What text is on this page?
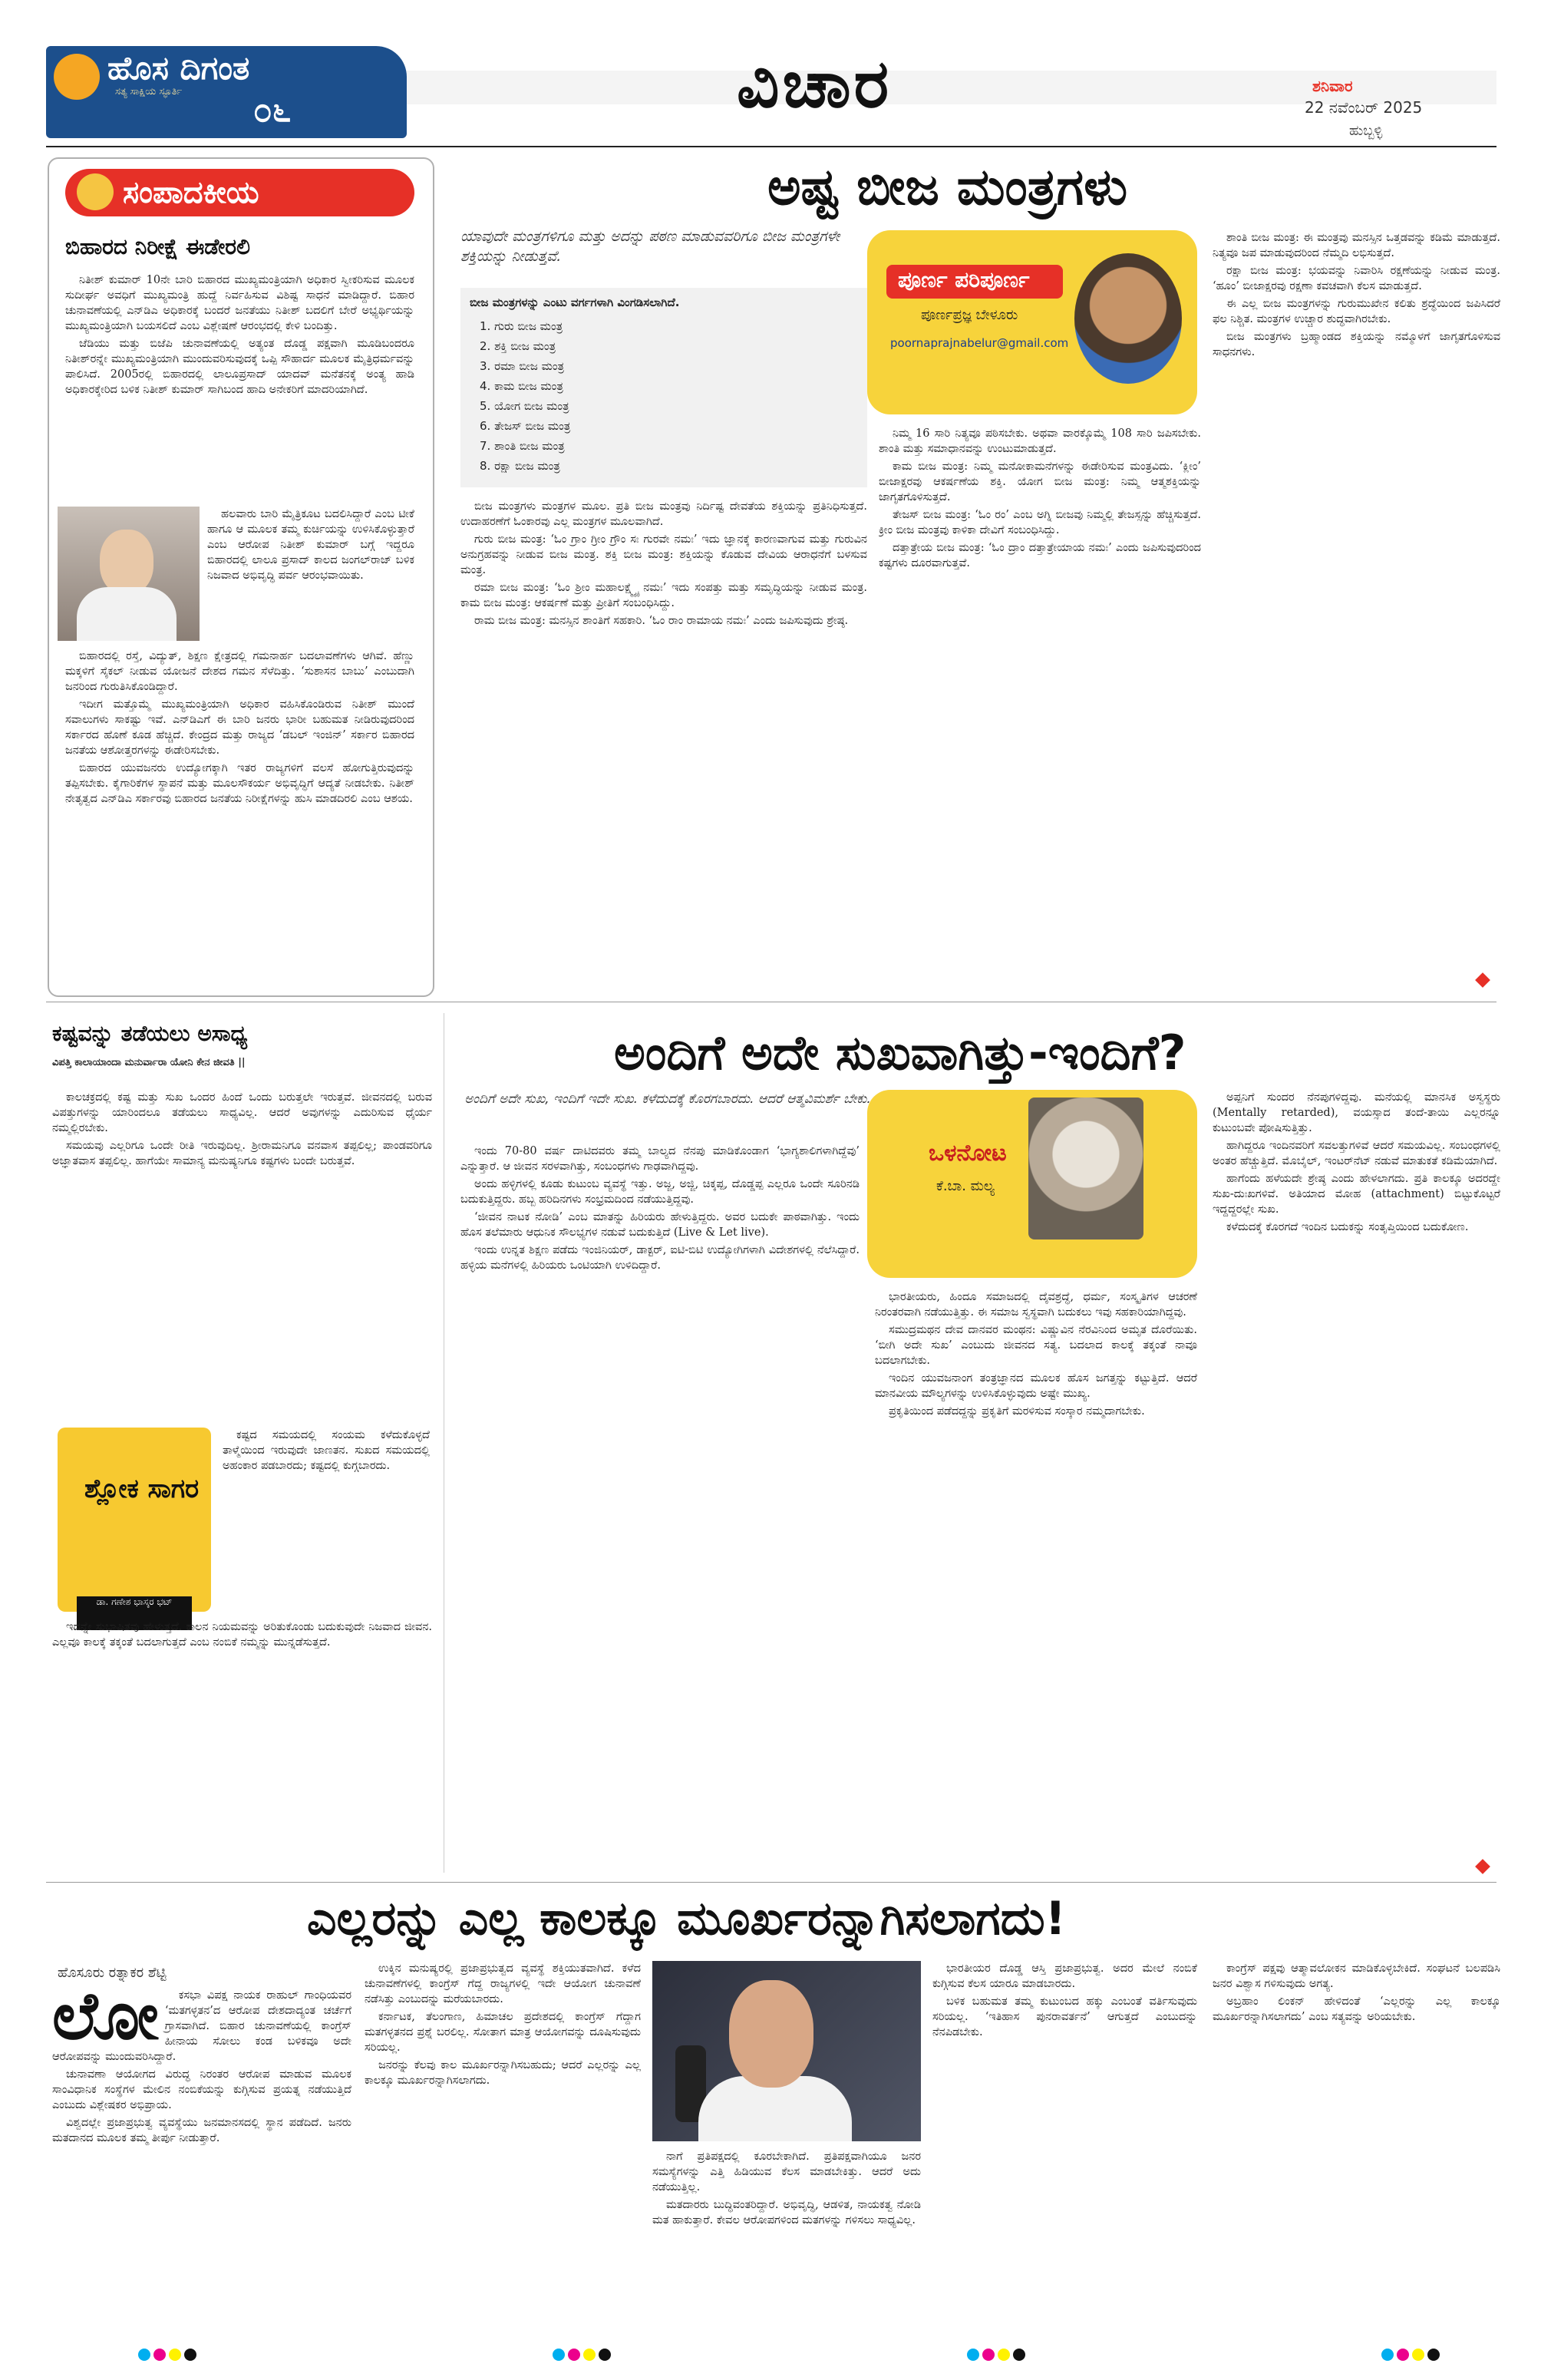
ಹೊಸ ದಿಗಂತ
ಸತ್ಯ ಸಾಕ್ಷಿಯ ಸ್ಫೂರ್ತಿ ೦೬	ವಿಚಾರ	ಶನಿವಾರ
22 ನವೆಂಬರ್ 2025
ಹುಬ್ಬಳ್ಳಿ
ಸಂಪಾದಕೀಯ
ಬಿಹಾರದ ನಿರೀಕ್ಷೆ ಈಡೇರಲಿ

ನಿತೀಶ್ ಕುಮಾರ್ 10ನೇ ಬಾರಿ ಬಿಹಾರದ ಮುಖ್ಯಮಂತ್ರಿಯಾಗಿ ಅಧಿಕಾರ ಸ್ವೀಕರಿಸುವ ಮೂಲಕ ಸುದೀರ್ಘ ಅವಧಿಗೆ ಮುಖ್ಯಮಂತ್ರಿ ಹುದ್ದೆ ನಿರ್ವಹಿಸುವ ವಿಶಿಷ್ಟ ಸಾಧನೆ ಮಾಡಿದ್ದಾರೆ. ಬಿಹಾರ ಚುನಾವಣೆಯಲ್ಲಿ ಎನ್‌ಡಿಎ ಅಧಿಕಾರಕ್ಕೆ ಬಂದರೆ ಜನತೆಯು ನಿತೀಶ್ ಬದಲಿಗೆ ಬೇರೆ ಅಭ್ಯರ್ಥಿಯನ್ನು ಮುಖ್ಯಮಂತ್ರಿಯಾಗಿ ಬಯಸಲಿದೆ ಎಂಬ ವಿಶ್ಲೇಷಣೆ ಆರಂಭದಲ್ಲಿ ಕೇಳಿ ಬಂದಿತ್ತು.

ಜೆಡಿಯು ಮತ್ತು ಬಿಜೆಪಿ ಚುನಾವಣೆಯಲ್ಲಿ ಅತ್ಯಂತ ದೊಡ್ಡ ಪಕ್ಷವಾಗಿ ಮೂಡಿಬಂದರೂ ನಿತೀಶ್‌ರನ್ನೇ ಮುಖ್ಯಮಂತ್ರಿಯಾಗಿ ಮುಂದುವರಿಸುವುದಕ್ಕೆ ಒಪ್ಪಿ ಸೌಹಾರ್ದ ಮೂಲಕ ಮೈತ್ರಿಧರ್ಮವನ್ನು ಪಾಲಿಸಿದೆ. 2005ರಲ್ಲಿ ಬಿಹಾರದಲ್ಲಿ ಲಾಲೂಪ್ರಸಾದ್ ಯಾದವ್ ಮನೆತನಕ್ಕೆ ಅಂತ್ಯ ಹಾಡಿ ಅಧಿಕಾರಕ್ಕೇರಿದ ಬಳಿಕ ನಿತೀಶ್ ಕುಮಾರ್ ಸಾಗಿಬಂದ ಹಾದಿ ಅನೇಕರಿಗೆ ಮಾದರಿಯಾಗಿದೆ.

ಹಲವಾರು ಬಾರಿ ಮೈತ್ರಿಕೂಟ ಬದಲಿಸಿದ್ದಾರೆ ಎಂಬ ಟೀಕೆ ಹಾಗೂ ಆ ಮೂಲಕ ತಮ್ಮ ಕುರ್ಚಿಯನ್ನು ಉಳಿಸಿಕೊಳ್ಳುತ್ತಾರೆ ಎಂಬ ಆರೋಪ ನಿತೀಶ್ ಕುಮಾರ್ ಬಗ್ಗೆ ಇದ್ದರೂ ಬಿಹಾರದಲ್ಲಿ ಲಾಲೂ ಪ್ರಸಾದ್ ಕಾಲದ ಜಂಗಲ್‌ರಾಜ್ ಬಳಿಕ ನಿಜವಾದ ಅಭಿವೃದ್ಧಿ ಪರ್ವ ಆರಂಭವಾಯಿತು.

ಬಿಹಾರದಲ್ಲಿ ರಸ್ತೆ, ವಿದ್ಯುತ್, ಶಿಕ್ಷಣ ಕ್ಷೇತ್ರದಲ್ಲಿ ಗಮನಾರ್ಹ ಬದಲಾವಣೆಗಳು ಆಗಿವೆ. ಹೆಣ್ಣು ಮಕ್ಕಳಿಗೆ ಸೈಕಲ್ ನೀಡುವ ಯೋಜನೆ ದೇಶದ ಗಮನ ಸೆಳೆದಿತ್ತು. ‘ಸುಶಾಸನ ಬಾಬು’ ಎಂಬುದಾಗಿ ಜನರಿಂದ ಗುರುತಿಸಿಕೊಂಡಿದ್ದಾರೆ.

ಇದೀಗ ಮತ್ತೊಮ್ಮೆ ಮುಖ್ಯಮಂತ್ರಿಯಾಗಿ ಅಧಿಕಾರ ವಹಿಸಿಕೊಂಡಿರುವ ನಿತೀಶ್ ಮುಂದೆ ಸವಾಲುಗಳು ಸಾಕಷ್ಟು ಇವೆ. ಎನ್‌ಡಿಎಗೆ ಈ ಬಾರಿ ಜನರು ಭಾರೀ ಬಹುಮತ ನೀಡಿರುವುದರಿಂದ ಸರ್ಕಾರದ ಹೊಣೆ ಕೂಡ ಹೆಚ್ಚಿದೆ. ಕೇಂದ್ರದ ಮತ್ತು ರಾಜ್ಯದ ‘ಡಬಲ್ ಇಂಜಿನ್’ ಸರ್ಕಾರ ಬಿಹಾರದ ಜನತೆಯ ಆಶೋತ್ತರಗಳನ್ನು ಈಡೇರಿಸಬೇಕು.

ಬಿಹಾರದ ಯುವಜನರು ಉದ್ಯೋಗಕ್ಕಾಗಿ ಇತರ ರಾಜ್ಯಗಳಿಗೆ ವಲಸೆ ಹೋಗುತ್ತಿರುವುದನ್ನು ತಪ್ಪಿಸಬೇಕು. ಕೈಗಾರಿಕೆಗಳ ಸ್ಥಾಪನೆ ಮತ್ತು ಮೂಲಸೌಕರ್ಯ ಅಭಿವೃದ್ಧಿಗೆ ಆದ್ಯತೆ ನೀಡಬೇಕು. ನಿತೀಶ್ ನೇತೃತ್ವದ ಎನ್‌ಡಿಎ ಸರ್ಕಾರವು ಬಿಹಾರದ ಜನತೆಯ ನಿರೀಕ್ಷೆಗಳನ್ನು ಹುಸಿ ಮಾಡದಿರಲಿ ಎಂಬ ಆಶಯ.

ಅಷ್ಟ ಬೀಜ ಮಂತ್ರಗಳು
ಯಾವುದೇ ಮಂತ್ರಗಳಿಗೂ ಮತ್ತು ಅದನ್ನು ಪಠಣ ಮಾಡುವವರಿಗೂ ಬೀಜ ಮಂತ್ರಗಳೇ ಶಕ್ತಿಯನ್ನು ನೀಡುತ್ತವೆ.
ಪೂರ್ಣ ಪರಿಪೂರ್ಣ
ಪೂರ್ಣಪ್ರಜ್ಞ ಬೇಳೂರು
poornaprajnabelur@gmail.com
ಬೀಜ ಮಂತ್ರಗಳನ್ನು ಎಂಟು ವರ್ಗಗಳಾಗಿ ವಿಂಗಡಿಸಲಾಗಿದೆ.
1. ಗುರು ಬೀಜ ಮಂತ್ರ
2. ಶಕ್ತಿ ಬೀಜ ಮಂತ್ರ
3. ರಮಾ ಬೀಜ ಮಂತ್ರ
4. ಕಾಮ ಬೀಜ ಮಂತ್ರ
5. ಯೋಗ ಬೀಜ ಮಂತ್ರ
6. ತೇಜಸ್ ಬೀಜ ಮಂತ್ರ
7. ಶಾಂತಿ ಬೀಜ ಮಂತ್ರ
8. ರಕ್ಷಾ ಬೀಜ ಮಂತ್ರ

ಬೀಜ ಮಂತ್ರಗಳು ಮಂತ್ರಗಳ ಮೂಲ. ಪ್ರತಿ ಬೀಜ ಮಂತ್ರವು ನಿರ್ದಿಷ್ಟ ದೇವತೆಯ ಶಕ್ತಿಯನ್ನು ಪ್ರತಿನಿಧಿಸುತ್ತದೆ. ಉದಾಹರಣೆಗೆ ಓಂಕಾರವು ಎಲ್ಲ ಮಂತ್ರಗಳ ಮೂಲವಾಗಿದೆ.

ಗುರು ಬೀಜ ಮಂತ್ರ: ‘ಓಂ ಗ್ರಾಂ ಗ್ರೀಂ ಗ್ರೌಂ ಸಃ ಗುರವೇ ನಮಃ’ ಇದು ಜ್ಞಾನಕ್ಕೆ ಕಾರಣವಾಗುವ ಮತ್ತು ಗುರುವಿನ ಅನುಗ್ರಹವನ್ನು ನೀಡುವ ಬೀಜ ಮಂತ್ರ. ಶಕ್ತಿ ಬೀಜ ಮಂತ್ರ: ಶಕ್ತಿಯನ್ನು ಕೊಡುವ ದೇವಿಯ ಆರಾಧನೆಗೆ ಬಳಸುವ ಮಂತ್ರ.

ರಮಾ ಬೀಜ ಮಂತ್ರ: ‘ಓಂ ಶ್ರೀಂ ಮಹಾಲಕ್ಷ್ಮ್ಯೈ ನಮಃ’ ಇದು ಸಂಪತ್ತು ಮತ್ತು ಸಮೃದ್ಧಿಯನ್ನು ನೀಡುವ ಮಂತ್ರ. ಕಾಮ ಬೀಜ ಮಂತ್ರ: ಆಕರ್ಷಣೆ ಮತ್ತು ಪ್ರೀತಿಗೆ ಸಂಬಂಧಿಸಿದ್ದು.

ರಾಮ ಬೀಜ ಮಂತ್ರ: ಮನಸ್ಸಿನ ಶಾಂತಿಗೆ ಸಹಕಾರಿ. ‘ಓಂ ರಾಂ ರಾಮಾಯ ನಮಃ’ ಎಂದು ಜಪಿಸುವುದು ಶ್ರೇಷ್ಠ.

ನಿಮ್ಮ 16 ಸಾರಿ ನಿತ್ಯವೂ ಪಠಿಸಬೇಕು. ಅಥವಾ ವಾರಕ್ಕೊಮ್ಮೆ 108 ಸಾರಿ ಜಪಿಸಬೇಕು. ಶಾಂತಿ ಮತ್ತು ಸಮಾಧಾನವನ್ನು ಉಂಟುಮಾಡುತ್ತದೆ.

ಕಾಮ ಬೀಜ ಮಂತ್ರ: ನಿಮ್ಮ ಮನೋಕಾಮನೆಗಳನ್ನು ಈಡೇರಿಸುವ ಮಂತ್ರವಿದು. ‘ಕ್ಲೀಂ’ ಬೀಜಾಕ್ಷರವು ಆಕರ್ಷಣೆಯ ಶಕ್ತಿ. ಯೋಗ ಬೀಜ ಮಂತ್ರ: ನಿಮ್ಮ ಆತ್ಮಶಕ್ತಿಯನ್ನು ಜಾಗೃತಗೊಳಿಸುತ್ತದೆ.

ತೇಜಸ್ ಬೀಜ ಮಂತ್ರ: ‘ಓಂ ರಂ’ ಎಂಬ ಅಗ್ನಿ ಬೀಜವು ನಿಮ್ಮಲ್ಲಿ ತೇಜಸ್ಸನ್ನು ಹೆಚ್ಚಿಸುತ್ತದೆ. ಕ್ರೀಂ ಬೀಜ ಮಂತ್ರವು ಕಾಳಿಕಾ ದೇವಿಗೆ ಸಂಬಂಧಿಸಿದ್ದು.

ದತ್ತಾತ್ರೇಯ ಬೀಜ ಮಂತ್ರ: ‘ಓಂ ದ್ರಾಂ ದತ್ತಾತ್ರೇಯಾಯ ನಮಃ’ ಎಂದು ಜಪಿಸುವುದರಿಂದ ಕಷ್ಟಗಳು ದೂರವಾಗುತ್ತವೆ.

ಶಾಂತಿ ಬೀಜ ಮಂತ್ರ: ಈ ಮಂತ್ರವು ಮನಸ್ಸಿನ ಒತ್ತಡವನ್ನು ಕಡಿಮೆ ಮಾಡುತ್ತದೆ. ನಿತ್ಯವೂ ಜಪ ಮಾಡುವುದರಿಂದ ನೆಮ್ಮದಿ ಲಭಿಸುತ್ತದೆ.

ರಕ್ಷಾ ಬೀಜ ಮಂತ್ರ: ಭಯವನ್ನು ನಿವಾರಿಸಿ ರಕ್ಷಣೆಯನ್ನು ನೀಡುವ ಮಂತ್ರ. ‘ಹೂಂ’ ಬೀಜಾಕ್ಷರವು ರಕ್ಷಣಾ ಕವಚವಾಗಿ ಕೆಲಸ ಮಾಡುತ್ತದೆ.

ಈ ಎಲ್ಲ ಬೀಜ ಮಂತ್ರಗಳನ್ನು ಗುರುಮುಖೇನ ಕಲಿತು ಶ್ರದ್ಧೆಯಿಂದ ಜಪಿಸಿದರೆ ಫಲ ನಿಶ್ಚಿತ. ಮಂತ್ರಗಳ ಉಚ್ಚಾರ ಶುದ್ಧವಾಗಿರಬೇಕು.

ಬೀಜ ಮಂತ್ರಗಳು ಬ್ರಹ್ಮಾಂಡದ ಶಕ್ತಿಯನ್ನು ನಮ್ಮೊಳಗೆ ಜಾಗೃತಗೊಳಿಸುವ ಸಾಧನಗಳು.

ಕಷ್ಟವನ್ನು ತಡೆಯಲು ಅಸಾಧ್ಯ
ವಿಪತ್ತಿ ಕಾಲಾಯಾಂದಾ ಮನುರ್ವಾರಾ ಯೋನಿ ಕೇನ ಜೀವತಿ ||

ಕಾಲಚಕ್ರದಲ್ಲಿ ಕಷ್ಟ ಮತ್ತು ಸುಖ ಒಂದರ ಹಿಂದೆ ಒಂದು ಬರುತ್ತಲೇ ಇರುತ್ತವೆ. ಜೀವನದಲ್ಲಿ ಬರುವ ವಿಪತ್ತುಗಳನ್ನು ಯಾರಿಂದಲೂ ತಡೆಯಲು ಸಾಧ್ಯವಿಲ್ಲ. ಆದರೆ ಅವುಗಳನ್ನು ಎದುರಿಸುವ ಧೈರ್ಯ ನಮ್ಮಲ್ಲಿರಬೇಕು.

ಸಮಯವು ಎಲ್ಲರಿಗೂ ಒಂದೇ ರೀತಿ ಇರುವುದಿಲ್ಲ. ಶ್ರೀರಾಮನಿಗೂ ವನವಾಸ ತಪ್ಪಲಿಲ್ಲ; ಪಾಂಡವರಿಗೂ ಅಜ್ಞಾತವಾಸ ತಪ್ಪಲಿಲ್ಲ. ಹಾಗೆಯೇ ಸಾಮಾನ್ಯ ಮನುಷ್ಯನಿಗೂ ಕಷ್ಟಗಳು ಬಂದೇ ಬರುತ್ತವೆ.

ಶ್ಲೋಕ ಸಾಗರ
ಡಾ. ಗಣೇಶ ಭಾಸ್ಕರ ಭಟ್

ಕಷ್ಟದ ಸಮಯದಲ್ಲಿ ಸಂಯಮ ಕಳೆದುಕೊಳ್ಳದೆ ತಾಳ್ಮೆಯಿಂದ ಇರುವುದೇ ಜಾಣತನ. ಸುಖದ ಸಮಯದಲ್ಲಿ ಅಹಂಕಾರ ಪಡಬಾರದು; ಕಷ್ಟದಲ್ಲಿ ಕುಗ್ಗಬಾರದು.

ಇದನ್ನೇ ಸುಭಾಷಿತವು ಹೇಳುತ್ತದೆ. ಕಾಲನ ನಿಯಮವನ್ನು ಅರಿತುಕೊಂಡು ಬದುಕುವುದೇ ನಿಜವಾದ ಜೀವನ. ಎಲ್ಲವೂ ಕಾಲಕ್ಕೆ ತಕ್ಕಂತೆ ಬದಲಾಗುತ್ತದೆ ಎಂಬ ನಂಬಿಕೆ ನಮ್ಮನ್ನು ಮುನ್ನಡೆಸುತ್ತದೆ.

ಅಂದಿಗೆ ಅದೇ ಸುಖವಾಗಿತ್ತು-ಇಂದಿಗೆ?
ಅಂದಿಗೆ ಅದೇ ಸುಖ, ಇಂದಿಗೆ ಇದೇ ಸುಖ. ಕಳೆದುದಕ್ಕೆ ಕೊರಗಬಾರದು. ಆದರೆ ಆತ್ಮವಿಮರ್ಶೆ ಬೇಕು.
ಒಳನೋಟ
ಕೆ.ಬಾ. ಮಲ್ಯ

ಇಂದು 70-80 ವರ್ಷ ದಾಟಿದವರು ತಮ್ಮ ಬಾಲ್ಯದ ನೆನಪು ಮಾಡಿಕೊಂಡಾಗ ‘ಭಾಗ್ಯಶಾಲಿಗಳಾಗಿದ್ದೆವು’ ಎನ್ನುತ್ತಾರೆ. ಆ ಜೀವನ ಸರಳವಾಗಿತ್ತು, ಸಂಬಂಧಗಳು ಗಾಢವಾಗಿದ್ದವು.

ಅಂದು ಹಳ್ಳಿಗಳಲ್ಲಿ ಕೂಡು ಕುಟುಂಬ ವ್ಯವಸ್ಥೆ ಇತ್ತು. ಅಜ್ಜ, ಅಜ್ಜಿ, ಚಿಕ್ಕಪ್ಪ, ದೊಡ್ಡಪ್ಪ ಎಲ್ಲರೂ ಒಂದೇ ಸೂರಿನಡಿ ಬದುಕುತ್ತಿದ್ದರು. ಹಬ್ಬ ಹರಿದಿನಗಳು ಸಂಭ್ರಮದಿಂದ ನಡೆಯುತ್ತಿದ್ದವು.

‘ಜೀವನ ನಾಟಕ ನೋಡಿ’ ಎಂಬ ಮಾತನ್ನು ಹಿರಿಯರು ಹೇಳುತ್ತಿದ್ದರು. ಅವರ ಬದುಕೇ ಪಾಠವಾಗಿತ್ತು. ಇಂದು ಹೊಸ ತಲೆಮಾರು ಆಧುನಿಕ ಸೌಲಭ್ಯಗಳ ನಡುವೆ ಬದುಕುತ್ತಿದೆ (Live & Let live).

ಇಂದು ಉನ್ನತ ಶಿಕ್ಷಣ ಪಡೆದು ಇಂಜಿನಿಯರ್, ಡಾಕ್ಟರ್, ಐಟಿ-ಬಿಟಿ ಉದ್ಯೋಗಿಗಳಾಗಿ ವಿದೇಶಗಳಲ್ಲಿ ನೆಲೆಸಿದ್ದಾರೆ. ಹಳ್ಳಿಯ ಮನೆಗಳಲ್ಲಿ ಹಿರಿಯರು ಒಂಟಿಯಾಗಿ ಉಳಿದಿದ್ದಾರೆ.

ಭಾರತೀಯರು, ಹಿಂದೂ ಸಮಾಜದಲ್ಲಿ ದೈವಶ್ರದ್ಧೆ, ಧರ್ಮ, ಸಂಸ್ಕೃತಿಗಳ ಆಚರಣೆ ನಿರಂತರವಾಗಿ ನಡೆಯುತ್ತಿತ್ತು. ಈ ಸಮಾಜ ಸ್ವಸ್ಥವಾಗಿ ಬದುಕಲು ಇವು ಸಹಕಾರಿಯಾಗಿದ್ದವು.

ಸಮುದ್ರಮಥನ ದೇವ ದಾನವರ ಮಂಥನ: ವಿಷ್ಣುವಿನ ನೆರವಿನಿಂದ ಅಮೃತ ದೊರೆಯಿತು. ‘ಬೀಗಿ ಅದೇ ಸುಖ’ ಎಂಬುದು ಜೀವನದ ಸತ್ಯ. ಬದಲಾದ ಕಾಲಕ್ಕೆ ತಕ್ಕಂತೆ ನಾವೂ ಬದಲಾಗಬೇಕು.

ಇಂದಿನ ಯುವಜನಾಂಗ ತಂತ್ರಜ್ಞಾನದ ಮೂಲಕ ಹೊಸ ಜಗತ್ತನ್ನು ಕಟ್ಟುತ್ತಿದೆ. ಆದರೆ ಮಾನವೀಯ ಮೌಲ್ಯಗಳನ್ನು ಉಳಿಸಿಕೊಳ್ಳುವುದು ಅಷ್ಟೇ ಮುಖ್ಯ.

ಪ್ರಕೃತಿಯಿಂದ ಪಡೆದದ್ದನ್ನು ಪ್ರಕೃತಿಗೆ ಮರಳಿಸುವ ಸಂಸ್ಕಾರ ನಮ್ಮದಾಗಬೇಕು.

ಅಪ್ಪನಿಗೆ ಸುಂದರ ನೆನಪುಗಳಿದ್ದವು. ಮನೆಯಲ್ಲಿ ಮಾನಸಿಕ ಅಸ್ವಸ್ಥರು (Mentally retarded), ವಯಸ್ಸಾದ ತಂದೆ-ತಾಯಿ ಎಲ್ಲರನ್ನೂ ಕುಟುಂಬವೇ ಪೋಷಿಸುತ್ತಿತ್ತು.

ಹಾಗಿದ್ದರೂ ಇಂದಿನವರಿಗೆ ಸವಲತ್ತುಗಳಿವೆ ಆದರೆ ಸಮಯವಿಲ್ಲ. ಸಂಬಂಧಗಳಲ್ಲಿ ಅಂತರ ಹೆಚ್ಚುತ್ತಿದೆ. ಮೊಬೈಲ್, ಇಂಟರ್‌ನೆಟ್ ನಡುವೆ ಮಾತುಕತೆ ಕಡಿಮೆಯಾಗಿದೆ.

ಹಾಗೆಂದು ಹಳೆಯದೇ ಶ್ರೇಷ್ಠ ಎಂದು ಹೇಳಲಾಗದು. ಪ್ರತಿ ಕಾಲಕ್ಕೂ ಅದರದ್ದೇ ಸುಖ-ದುಃಖಗಳಿವೆ. ಅತಿಯಾದ ಮೋಹ (attachment) ಬಿಟ್ಟುಕೊಟ್ಟರೆ ಇದ್ದದ್ದರಲ್ಲೇ ಸುಖ.

ಕಳೆದುದಕ್ಕೆ ಕೊರಗದೆ ಇಂದಿನ ಬದುಕನ್ನು ಸಂತೃಪ್ತಿಯಿಂದ ಬದುಕೋಣ.

ಎಲ್ಲರನ್ನು ಎಲ್ಲ ಕಾಲಕ್ಕೂ ಮೂರ್ಖರನ್ನಾಗಿಸಲಾಗದು!
ಹೊಸೂರು ರತ್ನಾಕರ ಶೆಟ್ಟಿ
ಲೋ	ಕಸಭಾ ವಿಪಕ್ಷ ನಾಯಕ ರಾಹುಲ್ ಗಾಂಧಿಯವರ ‘ಮತಗಳ್ಳತನ’ದ ಆರೋಪ ದೇಶದಾದ್ಯಂತ ಚರ್ಚೆಗೆ ಗ್ರಾಸವಾಗಿದೆ. ಬಿಹಾರ ಚುನಾವಣೆಯಲ್ಲಿ ಕಾಂಗ್ರೆಸ್ ಹೀನಾಯ ಸೋಲು ಕಂಡ ಬಳಿಕವೂ ಅದೇ ಆರೋಪವನ್ನು ಮುಂದುವರಿಸಿದ್ದಾರೆ.

ಚುನಾವಣಾ ಆಯೋಗದ ವಿರುದ್ಧ ನಿರಂತರ ಆರೋಪ ಮಾಡುವ ಮೂಲಕ ಸಾಂವಿಧಾನಿಕ ಸಂಸ್ಥೆಗಳ ಮೇಲಿನ ನಂಬಿಕೆಯನ್ನು ಕುಗ್ಗಿಸುವ ಪ್ರಯತ್ನ ನಡೆಯುತ್ತಿದೆ ಎಂಬುದು ವಿಶ್ಲೇಷಕರ ಅಭಿಪ್ರಾಯ.

ವಿಶ್ವದಲ್ಲೇ ಪ್ರಜಾಪ್ರಭುತ್ವ ವ್ಯವಸ್ಥೆಯು ಜನಮಾನಸದಲ್ಲಿ ಸ್ಥಾನ ಪಡೆದಿದೆ. ಜನರು ಮತದಾನದ ಮೂಲಕ ತಮ್ಮ ತೀರ್ಪು ನೀಡುತ್ತಾರೆ.

ಉಕ್ಕಿನ ಮನುಷ್ಯರಲ್ಲಿ ಪ್ರಜಾಪ್ರಭುತ್ವದ ವ್ಯವಸ್ಥೆ ಶಕ್ತಿಯುತವಾಗಿದೆ. ಕಳೆದ ಚುನಾವಣೆಗಳಲ್ಲಿ ಕಾಂಗ್ರೆಸ್ ಗೆದ್ದ ರಾಜ್ಯಗಳಲ್ಲಿ ಇದೇ ಆಯೋಗ ಚುನಾವಣೆ ನಡೆಸಿತ್ತು ಎಂಬುದನ್ನು ಮರೆಯಬಾರದು.

ಕರ್ನಾಟಕ, ತೆಲಂಗಾಣ, ಹಿಮಾಚಲ ಪ್ರದೇಶದಲ್ಲಿ ಕಾಂಗ್ರೆಸ್ ಗೆದ್ದಾಗ ಮತಗಳ್ಳತನದ ಪ್ರಶ್ನೆ ಬರಲಿಲ್ಲ. ಸೋತಾಗ ಮಾತ್ರ ಆಯೋಗವನ್ನು ದೂಷಿಸುವುದು ಸರಿಯಲ್ಲ.

ಜನರನ್ನು ಕೆಲವು ಕಾಲ ಮೂರ್ಖರನ್ನಾಗಿಸಬಹುದು; ಆದರೆ ಎಲ್ಲರನ್ನು ಎಲ್ಲ ಕಾಲಕ್ಕೂ ಮೂರ್ಖರನ್ನಾಗಿಸಲಾಗದು.

ನಾಗೆ ಪ್ರತಿಪಕ್ಷದಲ್ಲಿ ಕೂರಬೇಕಾಗಿದೆ. ಪ್ರತಿಪಕ್ಷವಾಗಿಯೂ ಜನರ ಸಮಸ್ಯೆಗಳನ್ನು ಎತ್ತಿ ಹಿಡಿಯುವ ಕೆಲಸ ಮಾಡಬೇಕಿತ್ತು. ಆದರೆ ಅದು ನಡೆಯುತ್ತಿಲ್ಲ.

ಮತದಾರರು ಬುದ್ಧಿವಂತರಿದ್ದಾರೆ. ಅಭಿವೃದ್ಧಿ, ಆಡಳಿತ, ನಾಯಕತ್ವ ನೋಡಿ ಮತ ಹಾಕುತ್ತಾರೆ. ಕೇವಲ ಆರೋಪಗಳಿಂದ ಮತಗಳನ್ನು ಗಳಿಸಲು ಸಾಧ್ಯವಿಲ್ಲ.

ಭಾರತೀಯರ ದೊಡ್ಡ ಆಸ್ತಿ ಪ್ರಜಾಪ್ರಭುತ್ವ. ಅದರ ಮೇಲೆ ನಂಬಿಕೆ ಕುಗ್ಗಿಸುವ ಕೆಲಸ ಯಾರೂ ಮಾಡಬಾರದು.

ಬಳಿಕ ಬಹುಮತ ತಮ್ಮ ಕುಟುಂಬದ ಹಕ್ಕು ಎಂಬಂತೆ ವರ್ತಿಸುವುದು ಸರಿಯಲ್ಲ. ‘ಇತಿಹಾಸ ಪುನರಾವರ್ತನೆ’ ಆಗುತ್ತದೆ ಎಂಬುದನ್ನು ನೆನಪಿಡಬೇಕು.

ಕಾಂಗ್ರೆಸ್ ಪಕ್ಷವು ಆತ್ಮಾವಲೋಕನ ಮಾಡಿಕೊಳ್ಳಬೇಕಿದೆ. ಸಂಘಟನೆ ಬಲಪಡಿಸಿ ಜನರ ವಿಶ್ವಾಸ ಗಳಿಸುವುದು ಅಗತ್ಯ.

ಅಬ್ರಹಾಂ ಲಿಂಕನ್ ಹೇಳಿದಂತೆ ‘ಎಲ್ಲರನ್ನು ಎಲ್ಲ ಕಾಲಕ್ಕೂ ಮೂರ್ಖರನ್ನಾಗಿಸಲಾಗದು’ ಎಂಬ ಸತ್ಯವನ್ನು ಅರಿಯಬೇಕು.
